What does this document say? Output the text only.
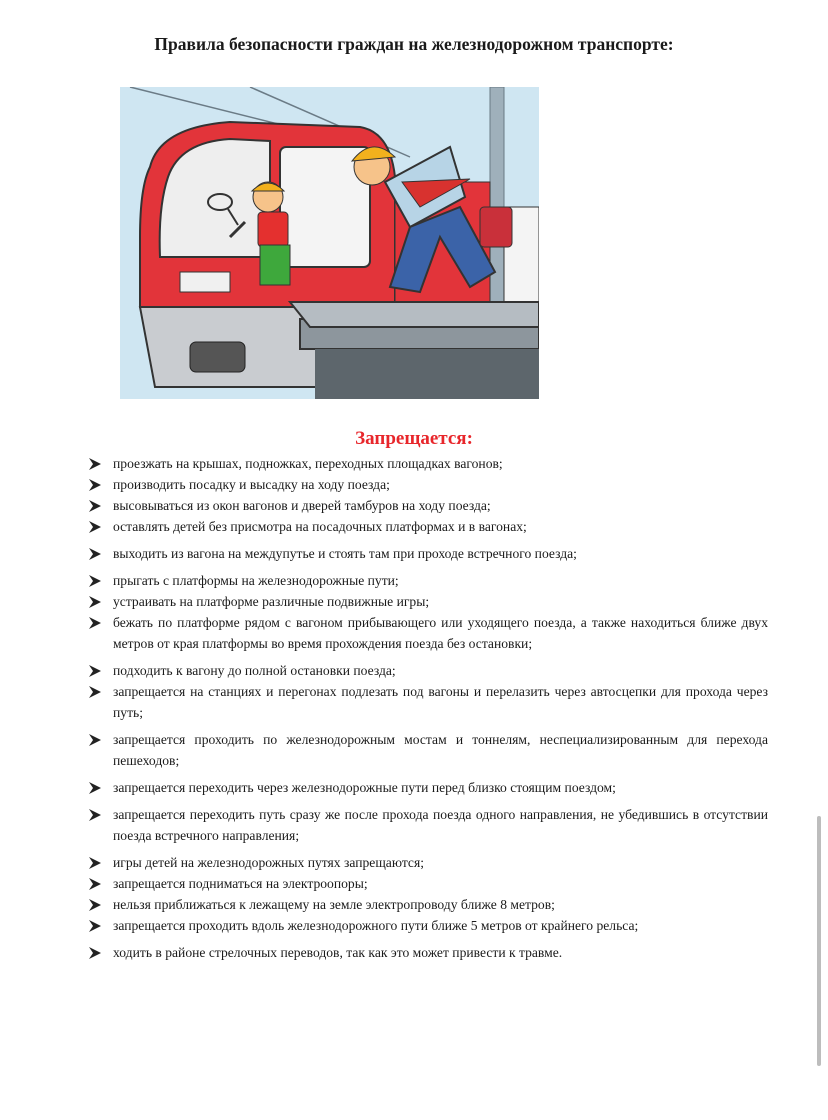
Правила безопасности граждан на железнодорожном транспорте:
Запрещается:
проезжать на крышах, подножках, переходных площадках вагонов;
производить посадку и высадку на ходу поезда;
высовываться из окон вагонов и дверей тамбуров на ходу поезда;
оставлять детей без присмотра на посадочных платформах и в вагонах;
выходить из вагона на междупутье и стоять там при проходе встречного поезда;
прыгать с платформы на железнодорожные пути;
устраивать на платформе различные подвижные игры;
бежать по платформе рядом с вагоном прибывающего или уходящего поезда, а также находиться ближе двух метров от края платформы во время прохождения поезда без остановки;
подходить к вагону до полной остановки поезда;
запрещается на станциях и перегонах подлезать под вагоны и перелазить через автосцепки для прохода через путь;
запрещается проходить по железнодорожным мостам и тоннелям, неспециализированным для перехода пешеходов;
запрещается переходить через железнодорожные пути перед близко стоящим поездом;
запрещается переходить путь сразу же после прохода поезда одного направления, не убедившись в отсутствии поезда встречного направления;
игры детей на железнодорожных путях запрещаются;
запрещается подниматься на электроопоры;
нельзя приближаться к лежащему на земле электропроводу ближе 8 метров;
запрещается проходить вдоль железнодорожного пути ближе 5 метров от крайнего рельса;
ходить в районе стрелочных переводов, так как это может привести к травме.
